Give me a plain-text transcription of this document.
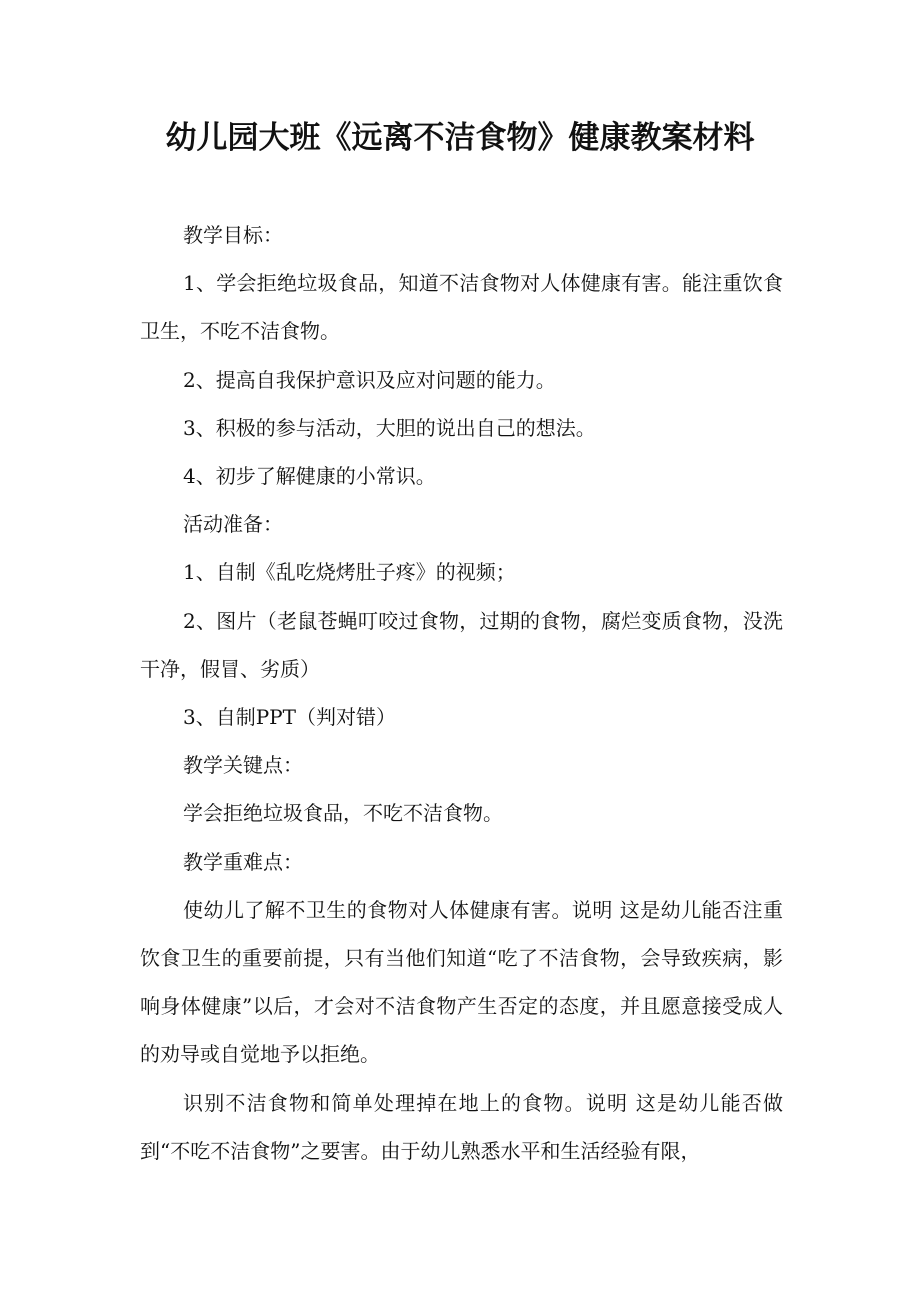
幼儿园大班《远离不洁食物》健康教案材料

教学目标：

1、学会拒绝垃圾食品，知道不洁食物对人体健康有害。能注重饮食卫生，不吃不洁食物。

2、提高自我保护意识及应对问题的能力。

3、积极的参与活动，大胆的说出自己的想法。

4、初步了解健康的小常识。

活动准备：

1、自制《乱吃烧烤肚子疼》的视频；

2、图片（老鼠苍蝇叮咬过食物，过期的食物，腐烂变质食物，没洗干净，假冒、劣质）

3、自制PPT（判对错）

教学关键点：

学会拒绝垃圾食品，不吃不洁食物。

教学重难点：

使幼儿了解不卫生的食物对人体健康有害。说明 这是幼儿能否注重饮食卫生的重要前提，只有当他们知道“吃了不洁食物，会导致疾病，影响身体健康”以后，才会对不洁食物产生否定的态度，并且愿意接受成人的劝导或自觉地予以拒绝。

识别不洁食物和简单处理掉在地上的食物。说明 这是幼儿能否做到“不吃不洁食物”之要害。由于幼儿熟悉水平和生活经验有限，
